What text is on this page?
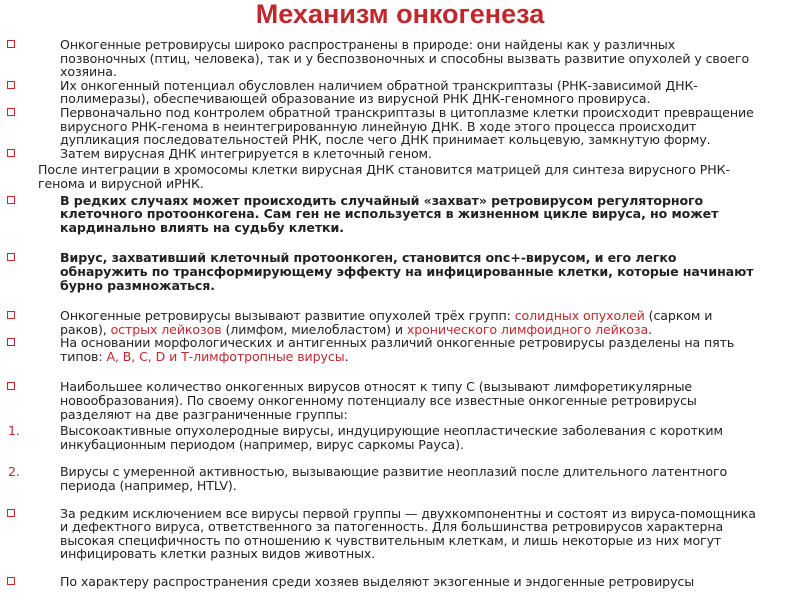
Механизм онкогенеза

Онкогенные ретровирусы широко распространены в природе: они найдены как у различных позвоночных (птиц, человека), так и у беспозвоночных и способны вызвать развитие опухолей у своего хозяина.

Их онкогенный потенциал обусловлен наличием обратной транскриптазы (РНК-зависимой ДНК-полимеразы), обеспечивающей образование из вирусной РНК ДНК-геномного провируса.

Первоначально под контролем обратной транскриптазы в цитоплазме клетки происходит превращение вирусного РНК-генома в неинтегрированную линейную ДНК. В ходе этого процесса происходит дупликация последовательностей РНК, после чего ДНК принимает кольцевую, замкнутую форму.

Затем вирусная ДНК интегрируется в клеточный геном.

После интеграции в хромосомы клетки вирусная ДНК становится матрицей для синтеза вирусного РНК-генома и вирусной иРНК.

В редких случаях может происходить случайный «захват» ретровирусом регуляторного клеточного протоонкогена. Сам ген не используется в жизненном цикле вируса, но может кардинально влиять на судьбу клетки.

Вирус, захвативший клеточный протоонкоген, становится onc+-вирусом, и его легко обнаружить по трансформирующему эффекту на инфицированные клетки, которые начинают бурно размножаться.

Онкогенные ретровирусы вызывают развитие опухолей трёх групп: солидных опухолей (сарком и раков), острых лейкозов (лимфом, миелобластом) и хронического лимфоидного лейкоза.

На основании морфологических и антигенных различий онкогенные ретровирусы разделены на пять типов: А, В, С, D и Т-лимфотропные вирусы.

Наибольшее количество онкогенных вирусов относят к типу С (вызывают лимфоретикулярные новообразования). По своему онкогенному потенциалу все известные онкогенные ретровирусы разделяют на две разграниченные группы:

1.	Высокоактивные опухолеродные вирусы, индуцирующие неопластические заболевания с коротким инкубационным периодом (например, вирус саркомы Рауса).

2.	Вирусы с умеренной активностью, вызывающие развитие неоплазий после длительного латентного периода (например, HTLV).

За редким исключением все вирусы первой группы — двухкомпонентны и состоят из вируса-помощника и дефектного вируса, ответственного за патогенность. Для большинства ретровирусов характерна высокая специфичность по отношению к чувствительным клеткам, и лишь некоторые из них могут инфицировать клетки разных видов животных.

По характеру распространения среди хозяев выделяют экзогенные и эндогенные ретровирусы
